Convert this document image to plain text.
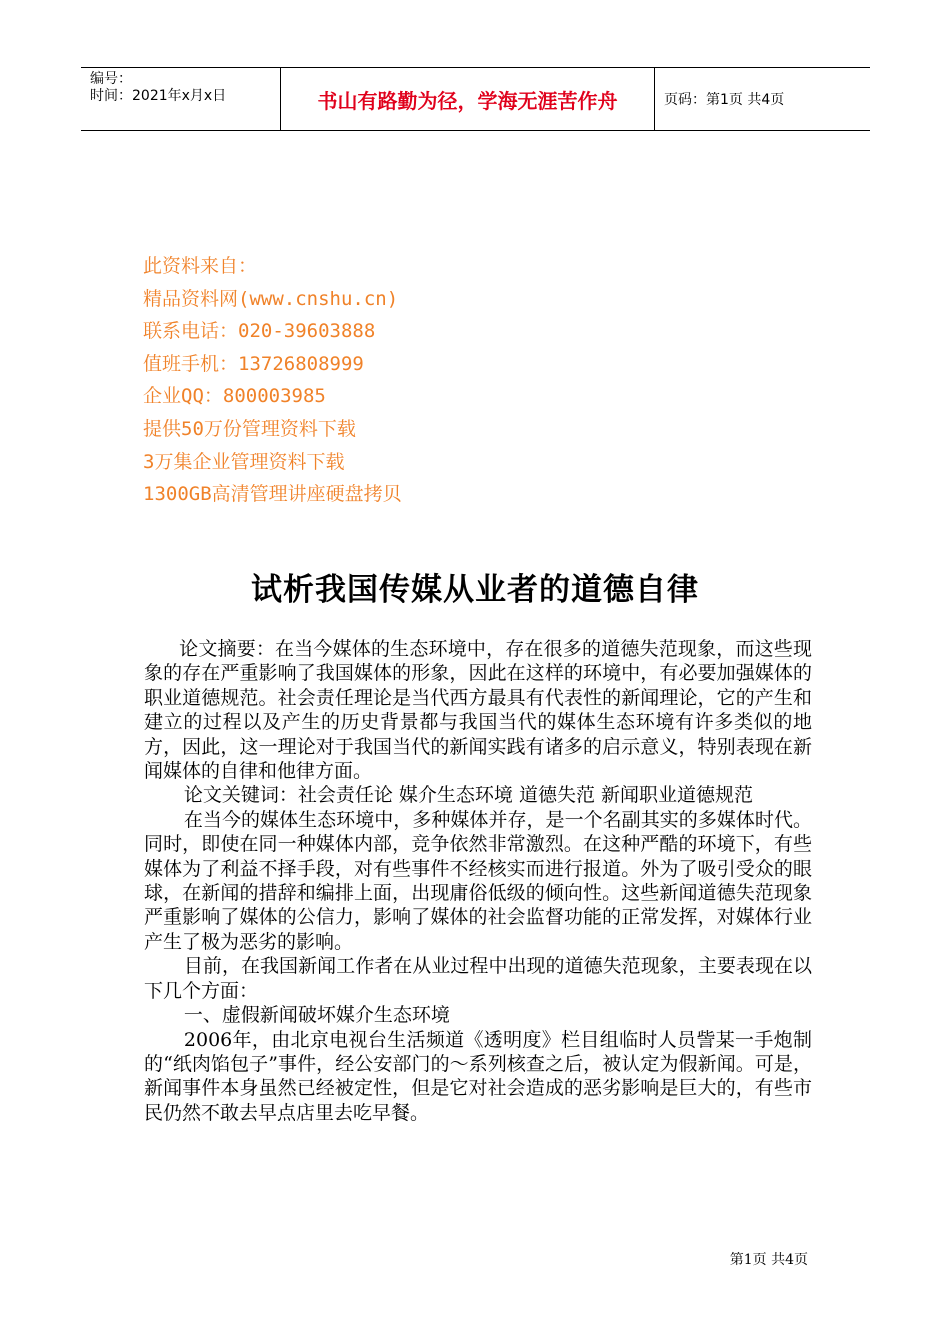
编号：
时间：2021年x月x日	书山有路勤为径，学海无涯苦作舟	页码：第1页 共4页
此资料来自：
精品资料网(www.cnshu.cn)
联系电话：020-39603888
值班手机：13726808999
企业QQ：800003985
提供50万份管理资料下载
3万集企业管理资料下载
1300GB高清管理讲座硬盘拷贝
试析我国传媒从业者的道德自律

论文摘要：在当今媒体的生态环境中，存在很多的道德失范现象，而这些现象的存在严重影响了我国媒体的形象，因此在这样的环境中，有必要加强媒体的职业道德规范。社会责任理论是当代西方最具有代表性的新闻理论，它的产生和建立的过程以及产生的历史背景都与我国当代的媒体生态环境有许多类似的地方，因此，这一理论对于我国当代的新闻实践有诸多的启示意义，特别表现在新闻媒体的自律和他律方面。

论文关键词：社会责任论 媒介生态环境 道德失范 新闻职业道德规范

在当今的媒体生态环境中，多种媒体并存，是一个名副其实的多媒体时代。同时，即使在同一种媒体内部，竞争依然非常激烈。在这种严酷的环境下，有些媒体为了利益不择手段，对有些事件不经核实而进行报道。外为了吸引受众的眼球，在新闻的措辞和编排上面，出现庸俗低级的倾向性。这些新闻道德失范现象严重影响了媒体的公信力，影响了媒体的社会监督功能的正常发挥，对媒体行业产生了极为恶劣的影响。

目前，在我国新闻工作者在从业过程中出现的道德失范现象，主要表现在以下几个方面：

一、虚假新闻破坏媒介生态环境

2006年，由北京电视台生活频道《透明度》栏目组临时人员訾某一手炮制的“纸肉馅包子”事件，经公安部门的～系列核查之后，被认定为假新闻。可是，新闻事件本身虽然已经被定性，但是它对社会造成的恶劣影响是巨大的，有些市民仍然不敢去早点店里去吃早餐。

第1页 共4页
